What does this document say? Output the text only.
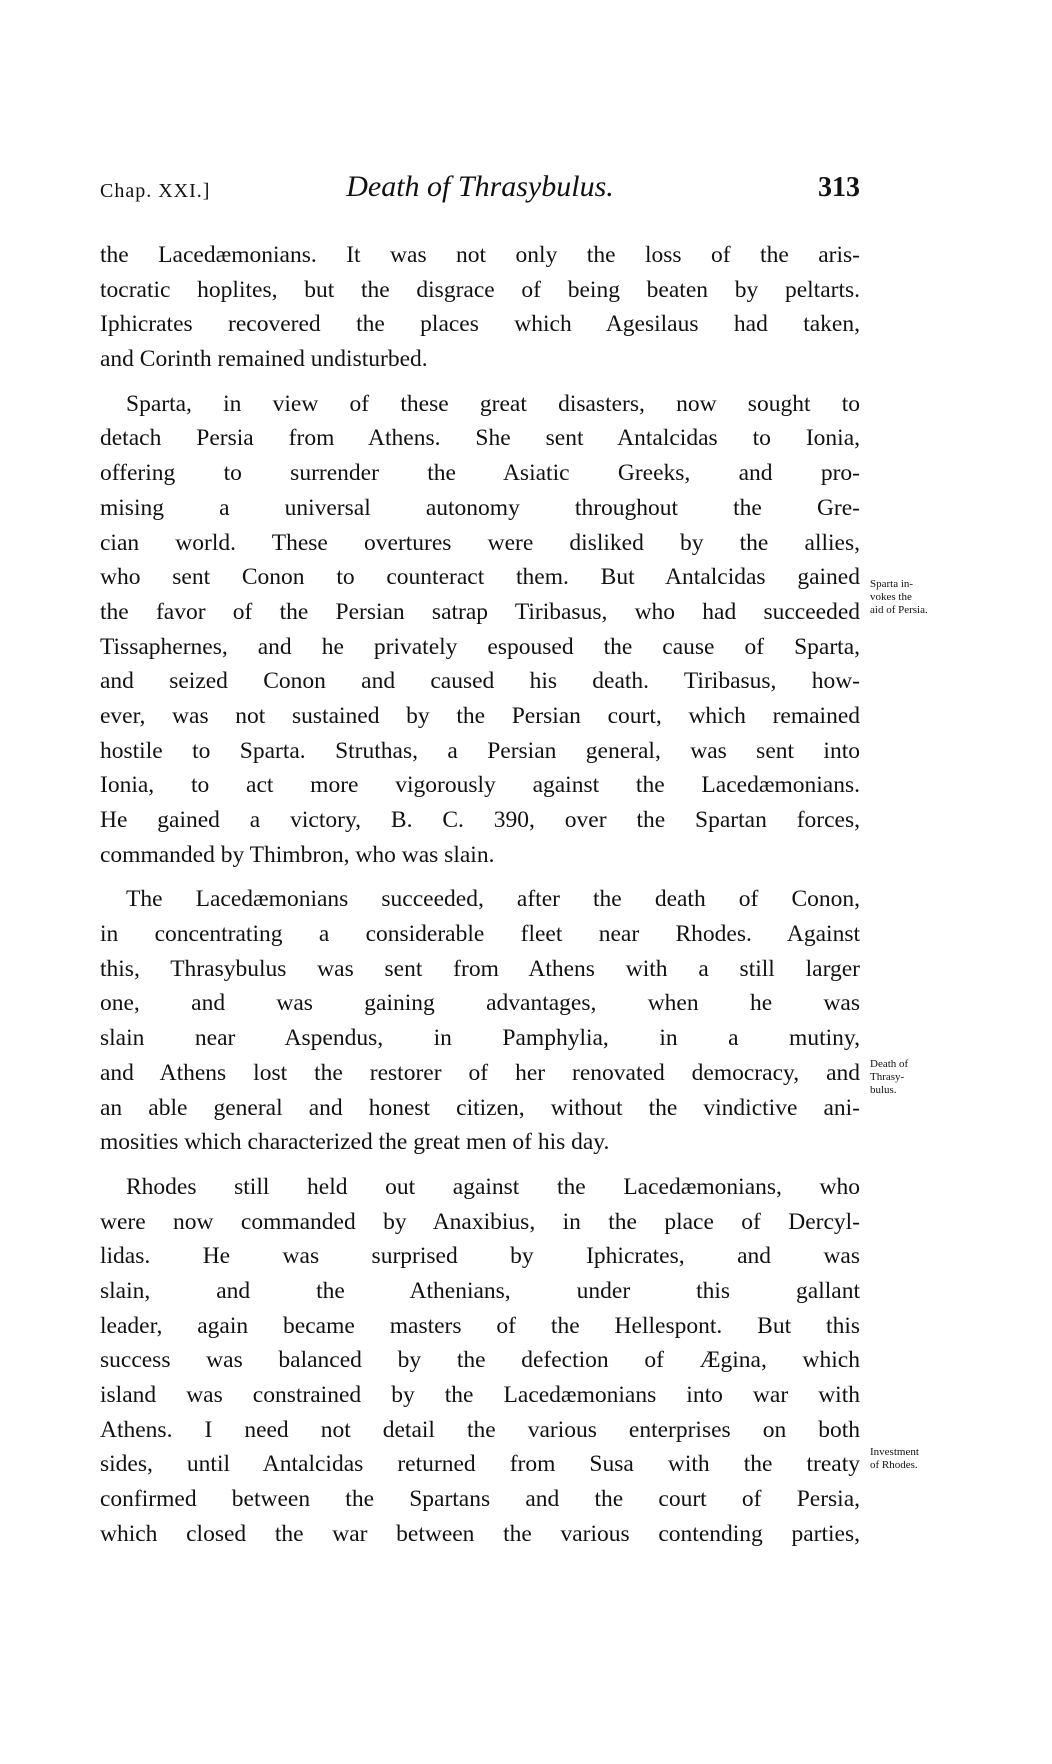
Chap. XXI.]	Death of Thrasybulus.	313
the Lacedæmonians. It was not only the loss of the aris-
tocratic hoplites, but the disgrace of being beaten by peltarts.
Iphicrates recovered the places which Agesilaus had taken,
and Corinth remained undisturbed.
Sparta, in view of these great disasters, now sought to
detach Persia from Athens. She sent Antalcidas to Ionia,
offering to surrender the Asiatic Greeks, and pro-
mising a universal autonomy throughout the Gre-
cian world. These overtures were disliked by the allies,
who sent Conon to counteract them. But Antalcidas gained
the favor of the Persian satrap Tiribasus, who had succeeded
Tissaphernes, and he privately espoused the cause of Sparta,
and seized Conon and caused his death. Tiribasus, how-
ever, was not sustained by the Persian court, which remained
hostile to Sparta. Struthas, a Persian general, was sent into
Ionia, to act more vigorously against the Lacedæmonians.
He gained a victory, B. C. 390, over the Spartan forces,
commanded by Thimbron, who was slain.
The Lacedæmonians succeeded, after the death of Conon,
in concentrating a considerable fleet near Rhodes. Against
this, Thrasybulus was sent from Athens with a still larger
one, and was gaining advantages, when he was
slain near Aspendus, in Pamphylia, in a mutiny,
and Athens lost the restorer of her renovated democracy, and
an able general and honest citizen, without the vindictive ani-
mosities which characterized the great men of his day.
Rhodes still held out against the Lacedæmonians, who
were now commanded by Anaxibius, in the place of Dercyl-
lidas. He was surprised by Iphicrates, and was
slain, and the Athenians, under this gallant
leader, again became masters of the Hellespont. But this
success was balanced by the defection of Ægina, which
island was constrained by the Lacedæmonians into war with
Athens. I need not detail the various enterprises on both
sides, until Antalcidas returned from Susa with the treaty
confirmed between the Spartans and the court of Persia,
which closed the war between the various contending parties,
Sparta in-
vokes the
aid of Persia.
Death of
Thrasy-
bulus.
Investment
of Rhodes.
